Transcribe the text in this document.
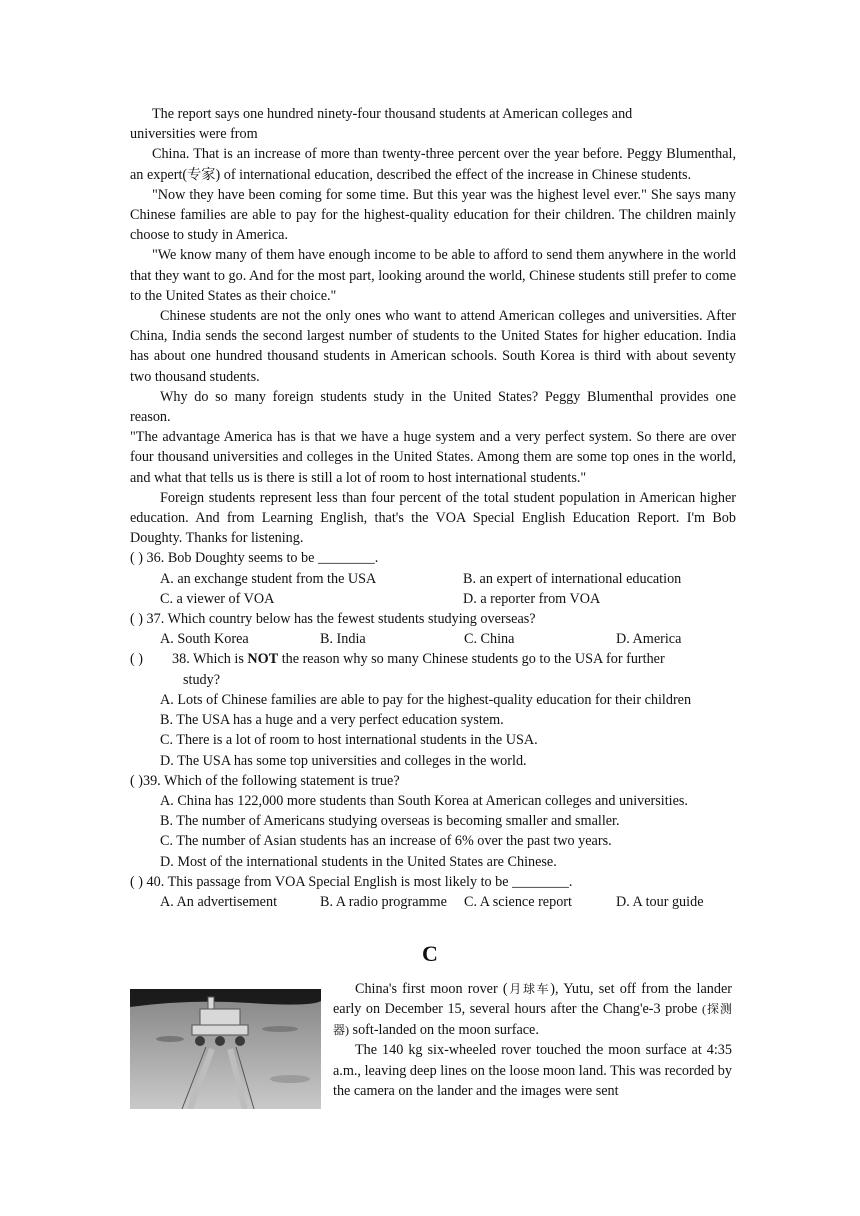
The report says one hundred ninety-four thousand students at American colleges and

universities were from

China. That is an increase of more than twenty-three percent over the year before. Peggy Blumenthal, an expert(专家) of international education, described the effect of the increase in Chinese students.

"Now they have been coming for some time. But this year was the highest level ever." She says many Chinese families are able to pay for the highest-quality education for their children. The children mainly choose to study in America.

"We know many of them have enough income to be able to afford to send them anywhere in the world that they want to go. And for the most part, looking around the world, Chinese students still prefer to come to the United States as their choice."

Chinese students are not the only ones who want to attend American colleges and universities. After China, India sends the second largest number of students to the United States for higher education. India has about one hundred thousand students in American schools. South Korea is third with about seventy two thousand students.

Why do so many foreign students study in the United States? Peggy Blumenthal provides one reason.

"The advantage America has is that we have a huge system and a very perfect system. So there are over four thousand universities and colleges in the United States. Among them are some top ones in the world, and what that tells us is there is still a lot of room to host international students."

Foreign students represent less than four percent of the total student population in American higher education. And from Learning English, that's the VOA Special English Education Report. I'm Bob Doughty. Thanks for listening.

( ) 36. Bob Doughty seems to be ________.

A. an exchange student from the USA	B. an expert of international education
C. a viewer of VOA	D. a reporter from VOA

( ) 37. Which country below has the fewest students studying overseas?

A. South Korea	B. India	C. China	D. America
( )	38. Which is NOT the reason why so many Chinese students go to the USA for further

study?

A. Lots of Chinese families are able to pay for the highest-quality education for their children

B. The USA has a huge and a very perfect education system.

C. There is a lot of room to host international students in the USA.

D. The USA has some top universities and colleges in the world.

( )39. Which of the following statement is true?

A. China has 122,000 more students than South Korea at American colleges and universities.

B. The number of Americans studying overseas is becoming smaller and smaller.

C. The number of Asian students has an increase of 6% over the past two years.

D. Most of the international students in the United States are Chinese.

( ) 40. This passage from VOA Special English is most likely to be ________.

A. An advertisement	B. A radio programme	C. A science report	D. A tour guide
C

China's first moon rover (月球车), Yutu, set off from the lander early on December 15, several hours after the Chang'e-3 probe (探测器) soft-landed on the moon surface.

The 140 kg six-wheeled rover touched the moon surface at 4:35 a.m., leaving deep lines on the loose moon land. This was recorded by the camera on the lander and the images were sent
